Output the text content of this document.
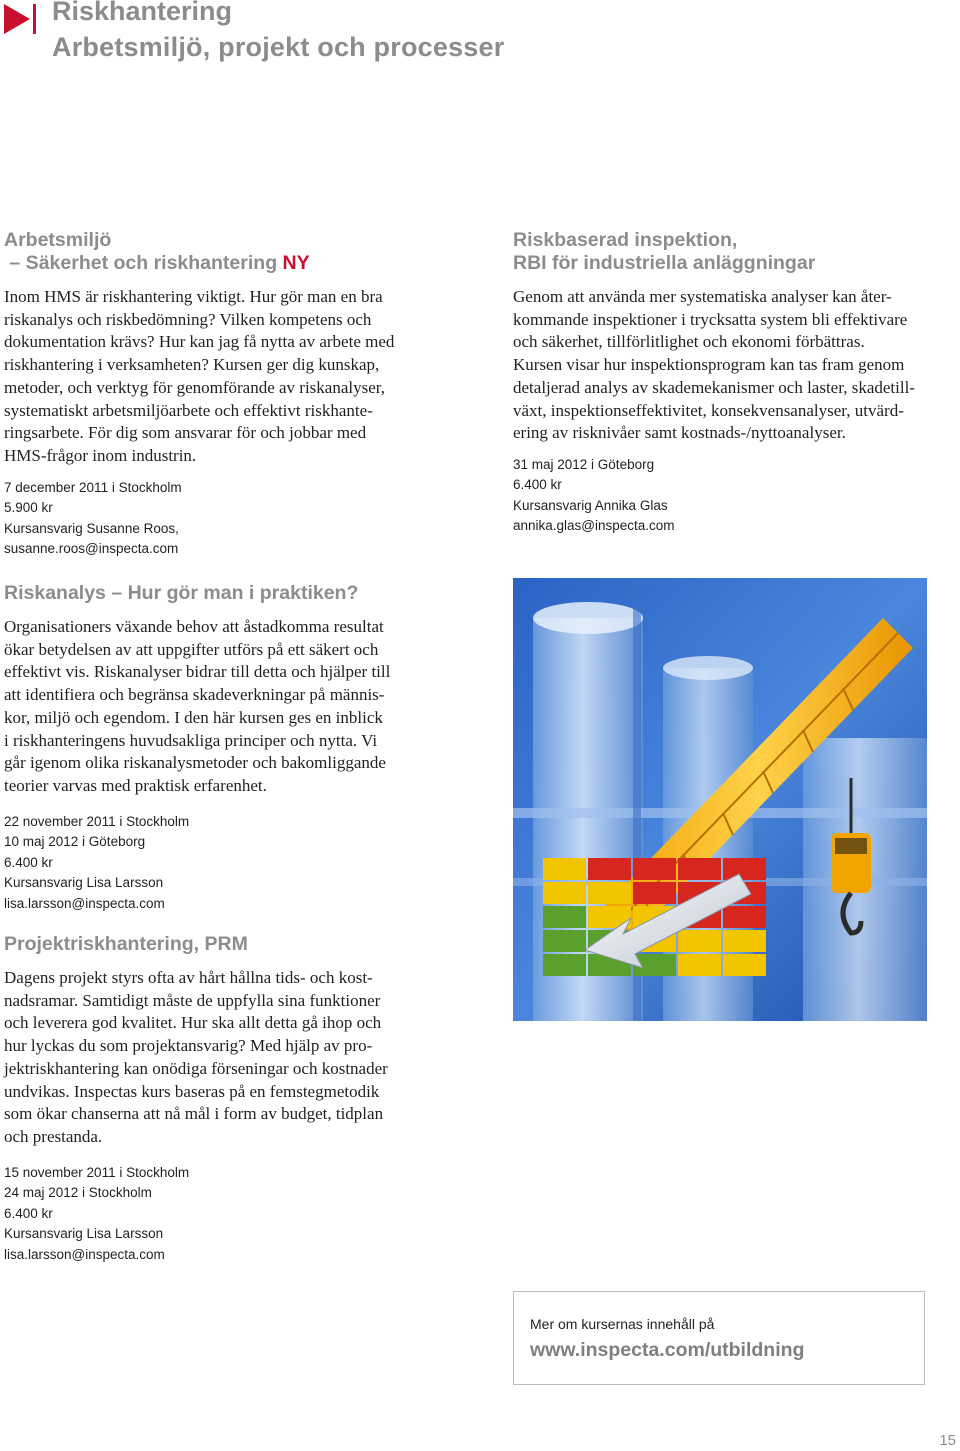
Riskhantering
Arbetsmiljö, projekt och processer
Arbetsmiljö
– Säkerhet och riskhantering NY
Inom HMS är riskhantering viktigt. Hur gör man en bra
riskanalys och riskbedömning? Vilken kompetens och
dokumentation krävs? Hur kan jag få nytta av arbete med
riskhantering i verksamheten? Kursen ger dig kunskap,
metoder, och verktyg för genomförande av riskanalyser,
systematiskt arbetsmiljöarbete och effektivt riskhante-
ringsarbete. För dig som ansvarar för och jobbar med
HMS-frågor inom industrin.
7 december 2011 i Stockholm
5.900 kr
Kursansvarig Susanne Roos,
susanne.roos@inspecta.com
Riskanalys – Hur gör man i praktiken?
Organisationers växande behov att åstadkomma resultat
ökar betydelsen av att uppgifter utförs på ett säkert och
effektivt vis. Riskanalyser bidrar till detta och hjälper till
att identifiera och begränsa skadeverkningar på männis-
kor, miljö och egendom. I den här kursen ges en inblick
i riskhanteringens huvudsakliga principer och nytta. Vi
går igenom olika riskanalysmetoder och bakomliggande
teorier varvas med praktisk erfarenhet.
22 november 2011 i Stockholm
10 maj 2012 i Göteborg
6.400 kr
Kursansvarig Lisa Larsson
lisa.larsson@inspecta.com
Projektriskhantering, PRM
Dagens projekt styrs ofta av hårt hållna tids- och kost-
nadsramar. Samtidigt måste de uppfylla sina funktioner
och leverera god kvalitet. Hur ska allt detta gå ihop och
hur lyckas du som projektansvarig? Med hjälp av pro-
jektriskhantering kan onödiga förseningar och kostnader
undvikas. Inspectas kurs baseras på en femstegmetodik
som ökar chanserna att nå mål i form av budget, tidplan
och prestanda.
15 november 2011 i Stockholm
24 maj 2012 i Stockholm
6.400 kr
Kursansvarig Lisa Larsson
lisa.larsson@inspecta.com
Riskbaserad inspektion,
RBI för industriella anläggningar
Genom att använda mer systematiska analyser kan åter-
kommande inspektioner i trycksatta system bli effektivare
och säkerhet, tillförlitlighet och ekonomi förbättras.
Kursen visar hur inspektionsprogram kan tas fram genom
detaljerad analys av skademekanismer och laster, skadetill-
växt, inspektionseffektivitet, konsekvensanalyser, utvärd-
ering av risknivåer samt kostnads-/nyttoanalyser.
31 maj 2012 i Göteborg
6.400 kr
Kursansvarig Annika Glas
annika.glas@inspecta.com

Mer om kursernas innehåll på

www.inspecta.com/utbildning

15
